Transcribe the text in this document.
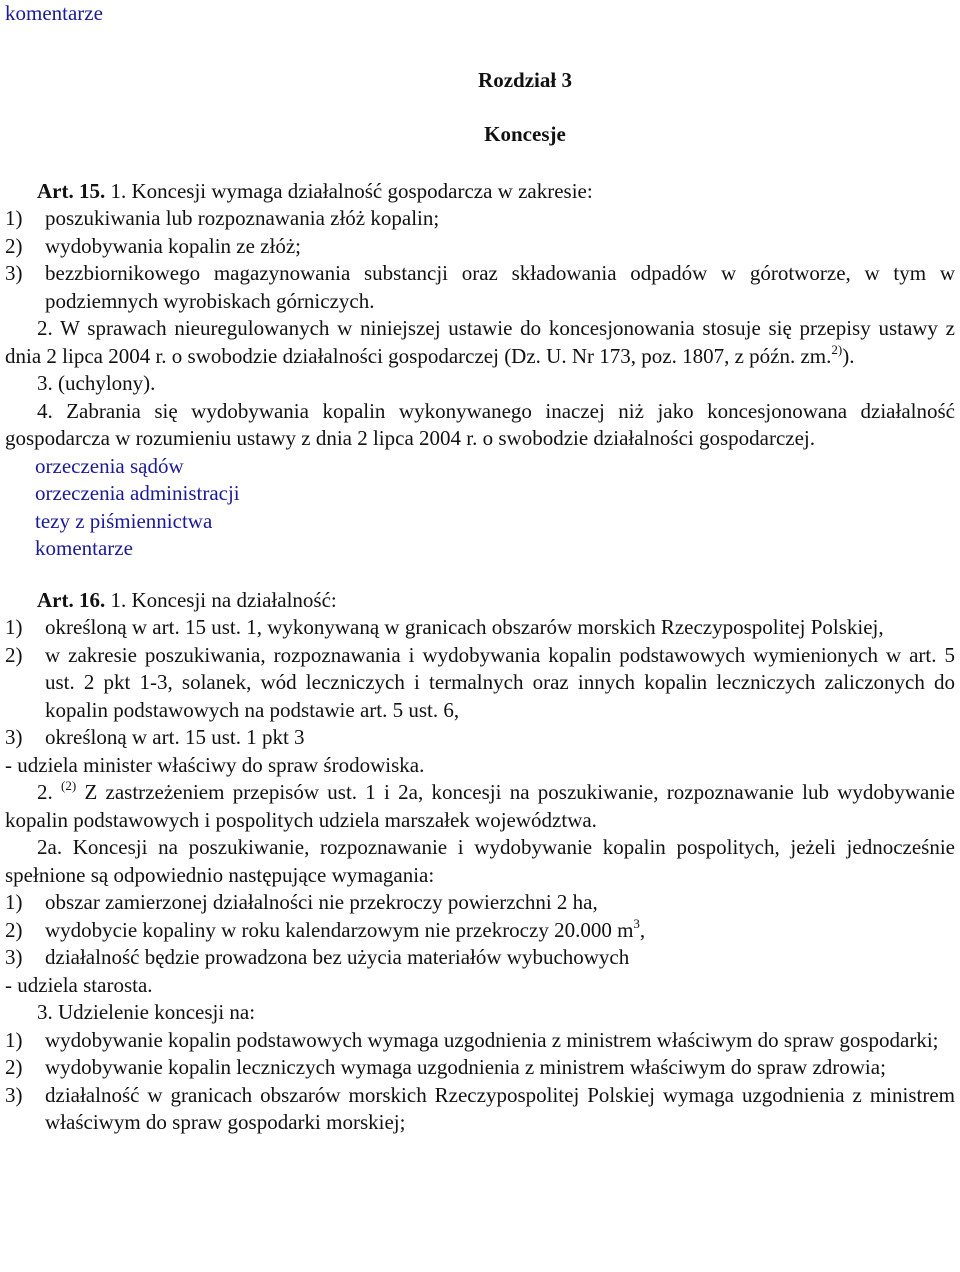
komentarze

Rozdział 3

Koncesje

Art. 15. 1. Koncesji wymaga działalność gospodarcza w zakresie:

1)	poszukiwania lub rozpoznawania złóż kopalin;
2)	wydobywania kopalin ze złóż;
3)	bezzbiornikowego magazynowania substancji oraz składowania odpadów w górotworze, w tym w podziemnych wyrobiskach górniczych.

2. W sprawach nieuregulowanych w niniejszej ustawie do koncesjonowania stosuje się przepisy ustawy z dnia 2 lipca 2004 r. o swobodzie działalności gospodarczej (Dz. U. Nr 173, poz. 1807, z późn. zm.$^{2)}$).

3. (uchylony).

4. Zabrania się wydobywania kopalin wykonywanego inaczej niż jako koncesjonowana działalność gospodarcza w rozumieniu ustawy z dnia 2 lipca 2004 r. o swobodzie działalności gospodarczej.

orzeczenia sądów

orzeczenia administracji

tezy z piśmiennictwa

komentarze

Art. 16. 1. Koncesji na działalność:

1)	określoną w art. 15 ust. 1, wykonywaną w granicach obszarów morskich Rzeczypospolitej Polskiej,
2)	w zakresie poszukiwania, rozpoznawania i wydobywania kopalin podstawowych wymienionych w art. 5 ust. 2 pkt 1-3, solanek, wód leczniczych i termalnych oraz innych kopalin leczniczych zaliczonych do kopalin podstawowych na podstawie art. 5 ust. 6,
3)	określoną w art. 15 ust. 1 pkt 3

- udziela minister właściwy do spraw środowiska.

2. $^{(2)}$ Z zastrzeżeniem przepisów ust. 1 i 2a, koncesji na poszukiwanie, rozpoznawanie lub wydobywanie kopalin podstawowych i pospolitych udziela marszałek województwa.

2a. Koncesji na poszukiwanie, rozpoznawanie i wydobywanie kopalin pospolitych, jeżeli jednocześnie spełnione są odpowiednio następujące wymagania:

1)	obszar zamierzonej działalności nie przekroczy powierzchni 2 ha,
2)	wydobycie kopaliny w roku kalendarzowym nie przekroczy 20.000 $m^3$,
3)	działalność będzie prowadzona bez użycia materiałów wybuchowych

- udziela starosta.

3. Udzielenie koncesji na:

1)	wydobywanie kopalin podstawowych wymaga uzgodnienia z ministrem właściwym do spraw gospodarki;
2)	wydobywanie kopalin leczniczych wymaga uzgodnienia z ministrem właściwym do spraw zdrowia;
3)	działalność w granicach obszarów morskich Rzeczypospolitej Polskiej wymaga uzgodnienia z ministrem właściwym do spraw gospodarki morskiej;
